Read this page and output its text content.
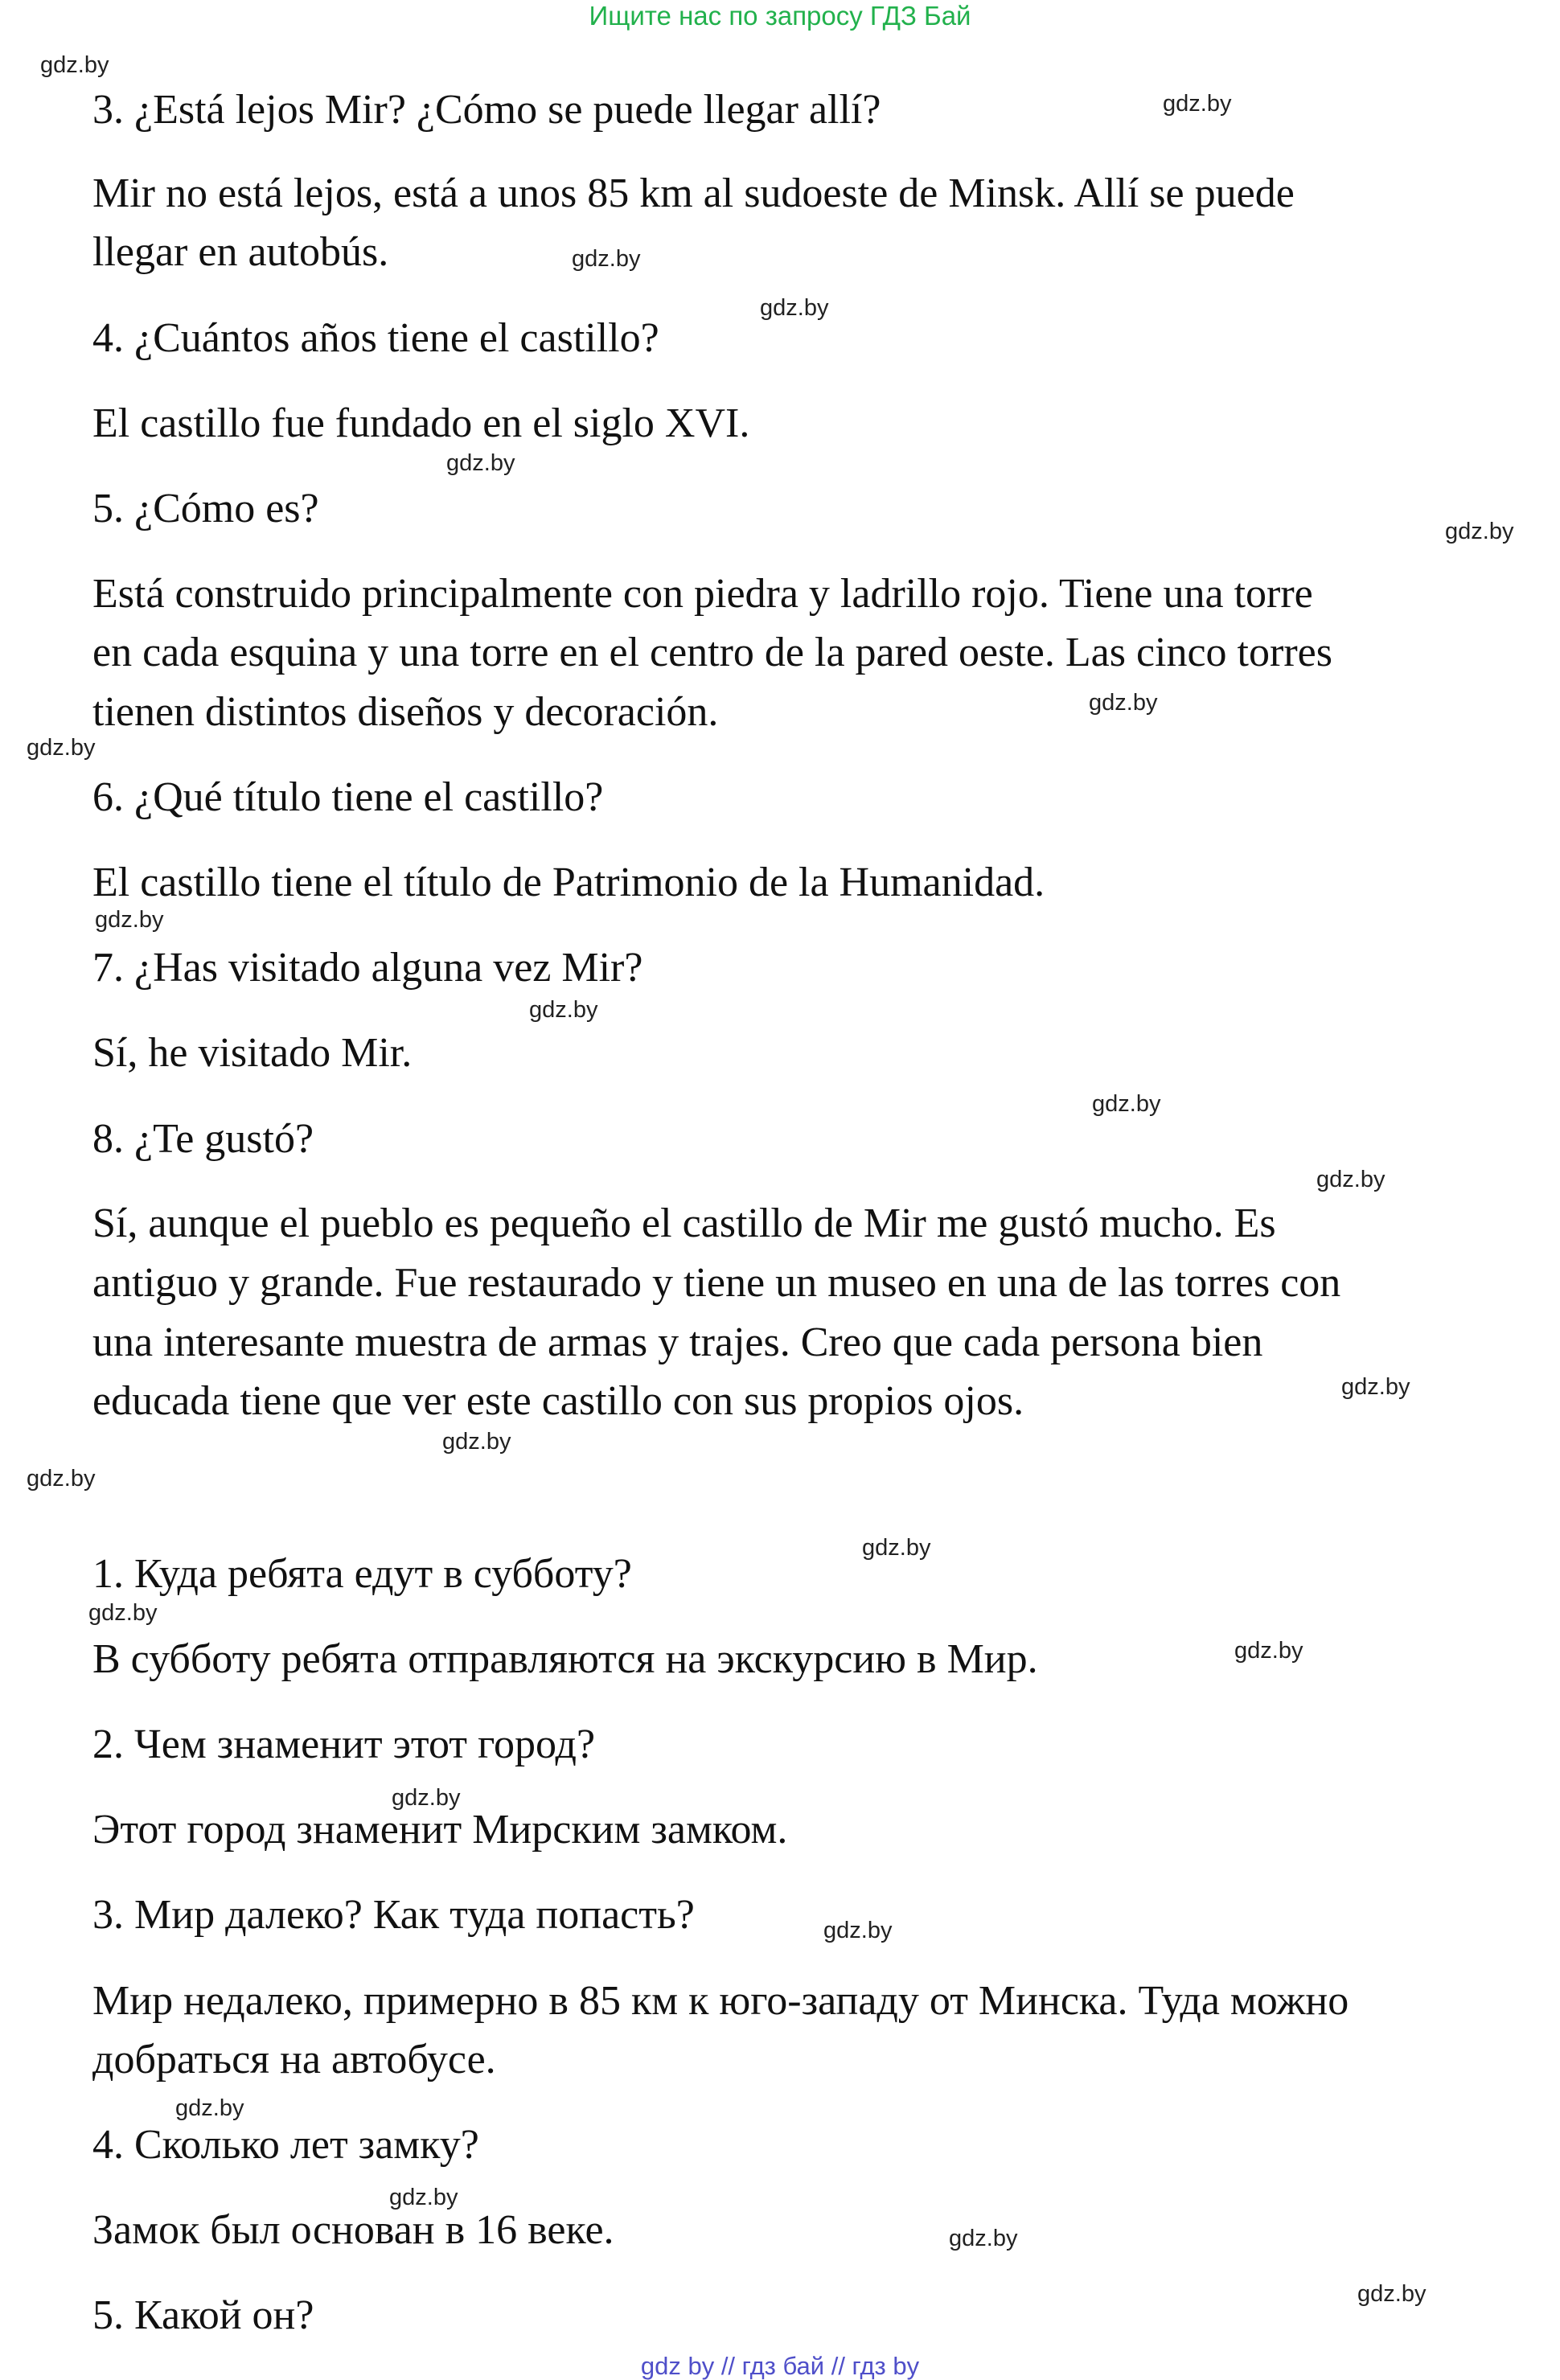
Ищите нас по запросу ГДЗ Бай
3. ¿Está lejos Mir? ¿Cómo se puede llegar allí?
Mir no está lejos, está a unos 85 km al sudoeste de Minsk. Allí se puede
llegar en autobús.
4. ¿Cuántos años tiene el castillo?
El castillo fue fundado en el siglo XVI.
5. ¿Cómo es?
Está construido principalmente con piedra y ladrillo rojo. Tiene una torre
en cada esquina y una torre en el centro de la pared oeste. Las cinco torres
tienen distintos diseños y decoración.
6. ¿Qué título tiene el castillo?
El castillo tiene el título de Patrimonio de la Humanidad.
7. ¿Has visitado alguna vez Mir?
Sí, he visitado Mir.
8. ¿Te gustó?
Sí, aunque el pueblo es pequeño el castillo de Mir me gustó mucho. Es
antiguo y grande. Fue restaurado y tiene un museo en una de las torres con
una interesante muestra de armas y trajes. Creo que cada persona bien
educada tiene que ver este castillo con sus propios ojos.
1. Куда ребята едут в субботу?
В субботу ребята отправляются на экскурсию в Мир.
2. Чем знаменит этот город?
Этот город знаменит Мирским замком.
3. Мир далеко? Как туда попасть?
Мир недалеко, примерно в 85 км к юго-западу от Минска. Туда можно
добраться на автобусе.
4. Сколько лет замку?
Замок был основан в 16 веке.
5. Какой он?
gdz.by
gdz.by
gdz.by
gdz.by
gdz.by
gdz.by
gdz.by
gdz.by
gdz.by
gdz.by
gdz.by
gdz.by
gdz.by
gdz.by
gdz.by
gdz.by
gdz.by
gdz.by
gdz.by
gdz.by
gdz.by
gdz.by
gdz.by
gdz.by
gdz by // гдз бай // гдз by
